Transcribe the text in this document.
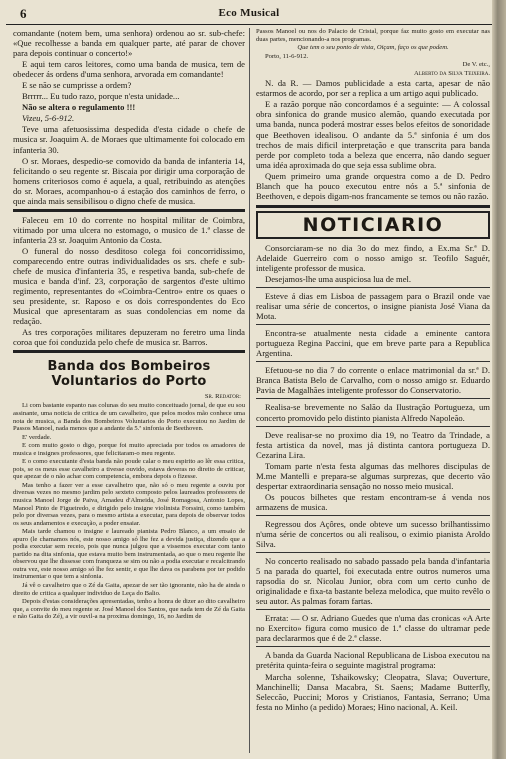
6	Eco Musical

comandante (notem bem, uma senhora) ordenou ao sr. sub-chefe: «Que recolhesse a banda em qualquer parte, até parar de chover para depois continuar o concerto!»

E aqui tem caros leitores, como uma banda de musica, tem de obedecer ás ordens d'uma senhora, arvorada em comandante!

E se não se cumprisse a ordem?

Brrrrr... Eu tudo razo, porque n'esta unidade...

Não se altera o regulamento !!!

Vizeu, 5-6-912.

Teve uma afetuosissima despedida d'esta cidade o chefe de musica sr. Joaquim A. de Moraes que ultimamente foi colocado em infanteria 30.

O sr. Moraes, despedio-se comovido da banda de infanteria 14, felicitando o seu regente sr. Biscaia por dirigir uma corporação de homens criteriosos como é aquela, a qual, retribuindo as atenções do sr. Moraes, acompanhou-o á estação dos caminhos de ferro, o que ainda mais sensibilisou o digno chefe de musica.

Faleceu em 10 do corrente no hospital militar de Coimbra, vitimado por uma ulcera no estomago, o musico de 1.ª classe de infanteria 23 sr. Joaquim Antonio da Costa.

O funeral do nosso desditoso colega foi concorridissimo, comparecendo entre outras individualidades os srs. chefe e sub-chefe de musica d'infanteria 35, e respetiva banda, sub-chefe de musica e banda d'inf. 23, corporação de sargentos d'este ultimo regimento, representantes do «Coimbra-Centro» entre os quaes o seu presidente, sr. Raposo e os dois correspondentes do Eco Musical que apresentaram as suas condolencias em nome da redação.

As tres corporações militares depuzeram no feretro uma linda coroa que foi conduzida pelo chefe de musica sr. Barros.

Banda dos Bombeiros Voluntarios do Porto
Sr. Redator:

Li com bastante espanto nas colunas do seu muito conceituado jornal, de que eu sou assinante, uma noticia de critica de um cavalheiro, que pelos modos mão conhece uma nota de musica, a Banda dos Bombeiros Voluntarios do Porto executou no Jardim de Passos Manoel, nada menos que a andante da 5.ª sinfonia de Beethoven.

E' verdade.

E com muito gosto o digo, porque foi muito apreciada por todos os amadores de musica e insignes professores, que felicitaram-o meu regente.

E o como executante d'esta banda não poude calar o meu espirito ao lêr essa critica, pois, se os meus esse cavalheiro a tivesse ouvido, estava deveras no direito de criticar, que apezar de o não achar com competencia, embora depois o fizesse.

Mas tenho a fazer ver a esse cavalheiro que, não só o meu regente a ouviu por diversas vezes no mesmo jardim pelo sexteto composto pelos laureados professores de musica Manoel Jorge de Paiva, Amadeu d'Almeida, José Romagosa, Antonio Lopes, Manoel Pinto de Figueiredo, e dirigido pelo insigne violinista Forssini, como também pelo por diversas vezes, para o mesmo artista a executar, para depois de observar todos os seus andamentos e execução, a poder ensaiar.

Mais tarde chamou o insigne e laureado pianista Pedro Blanco, a um ensaio de apuro (le chamamos nós, este nosso amigo só lhe fez a devida justiça, dizendo que a podia executar sem receio, pois que nunca julgou que a vissemos executar com tanto partido na dita sinfonia, que estava muito bem instrumentada, ao que o meu regente lhe observou que lhe dissesse com franqueza se sim ou não a podia executar e recalcitrando outra vez, este nosso amigo só lhe fez sentir, e que lhe dava os parabens por ter podido instrumentar o que tem a sinfonia.

Já vê o cavalheiro que o Zé da Gaita, apezar de ser tão ignorante, não ha de ainda o direito de critica a qualquer individuo de Leça do Balio.

Depois d'estas considerações apresentadas, tenho a honra de dizer ao dito cavalheiro que, a convite do meu regente sr. José Manoel dos Santos, que nada tem de Zé da Gaita e não Gaita do Zé), a vir ouvil-a na proxima domingo, 16, no Jardim de

Passos Manoel ou nos do Palacio de Cristal, porque faz muito gosto em executar nas duas partes, mencionando-a nos programas.

Que tem o seu ponto de vista, Oiçam, faço os que podem.

Porto, 11-6-912.

De V. etc.,

Alberto da Silva Teixeira.

N. da R. — Damos publicidade a esta carta, apesar de não estarmos de acordo, por ser a replica a um artigo aqui publicado.

E a razão porque não concordamos é a seguinte: — A colossal obra sinfonica do grande musico alemão, quando executada por uma banda, nunca poderá mostrar esses belos efeitos de sonoridade que Beethoven idealisou. O andante da 5.ª sinfonia é um dos trechos de mais dificil interpretação e que transcrita para banda perde por completo toda a beleza que encerra, não dando seguer uma idéa aproximada do que seja essa sublime obra.

Quem primeiro uma grande orquestra como a de D. Pedro Blanch que ha pouco executou entre nós a 5.ª sinfonia de Beethoven, e depois digam-nos francamente se temos ou não razão.

NOTICIARIO

Consorciaram-se no dia 3o do mez findo, a Ex.ma Sr.ª D. Adelaide Guerreiro com o nosso amigo sr. Teofilo Saguér, inteligente professor de musica.

Desejamos-lhe uma auspiciosa lua de mel.

Esteve á dias em Lisboa de passagem para o Brazil onde vae realisar uma série de concertos, o insigne pianista José Viana da Mota.

Encontra-se atualmente nesta cidade a eminente cantora portugueza Regina Paccini, que em breve parte para a Republica Argentina.

Efetuou-se no dia 7 do corrente o enlace matrimonial da sr.ª D. Branca Batista Belo de Carvalho, com o nosso amigo sr. Eduardo Pavia de Magalhães inteligente professor do Conservatorio.

Realisa-se brevemente no Salão da Ilustração Portugueza, um concerto promovido pelo distinto pianista Alfredo Napoleão.

Deve realisar-se no proximo dia 19, no Teatro da Trindade, a festa artistica da novel, mas já distinta cantora portugueza D. Cezarina Lira.

Tomam parte n'esta festa algumas das melhores discipulas de M.me Mantelli e prepara-se algumas surprezas, que decerto vão despertar extraordinaria sensação no nosso meio musical.

Os poucos bilhetes que restam encontram-se á venda nos armazens de musica.

Regressou dos Açôres, onde obteve um sucesso brilhantissimo n'uma série de concertos ou ali realisou, o eximio pianista Aroldo Silva.

No concerto realisado no sabado passado pela banda d'infantaria 5 na parada do quartel, foi executada entre outros numeros uma rapsodia do sr. Nicolau Junior, obra com um certo cunho de originalidade e fixa-ta bastante beleza melodica, que muito revêlo o seu autor. As palmas foram fartas.

Errata: — O sr. Adriano Guedes que n'uma das cronicas «A Arte no Exercito» figura como musico de 1.ª classe do ultramar pede para declararmos que é de 2.ª classe.

A banda da Guarda Nacional Republicana de Lisboa executou na pretérita quinta-feira o seguinte magistral programa:

Marcha solenne, Tshaikowsky; Cleopatra, Slava; Ouverture, Manchinelli; Dansa Macabra, St. Saens; Madame Butterfly, Seleccão, Puccini; Moros y Cristianos, Fantasia, Serrano; Uma festa no Minho (a pedido) Moraes; Hino nacional, A. Keil.
